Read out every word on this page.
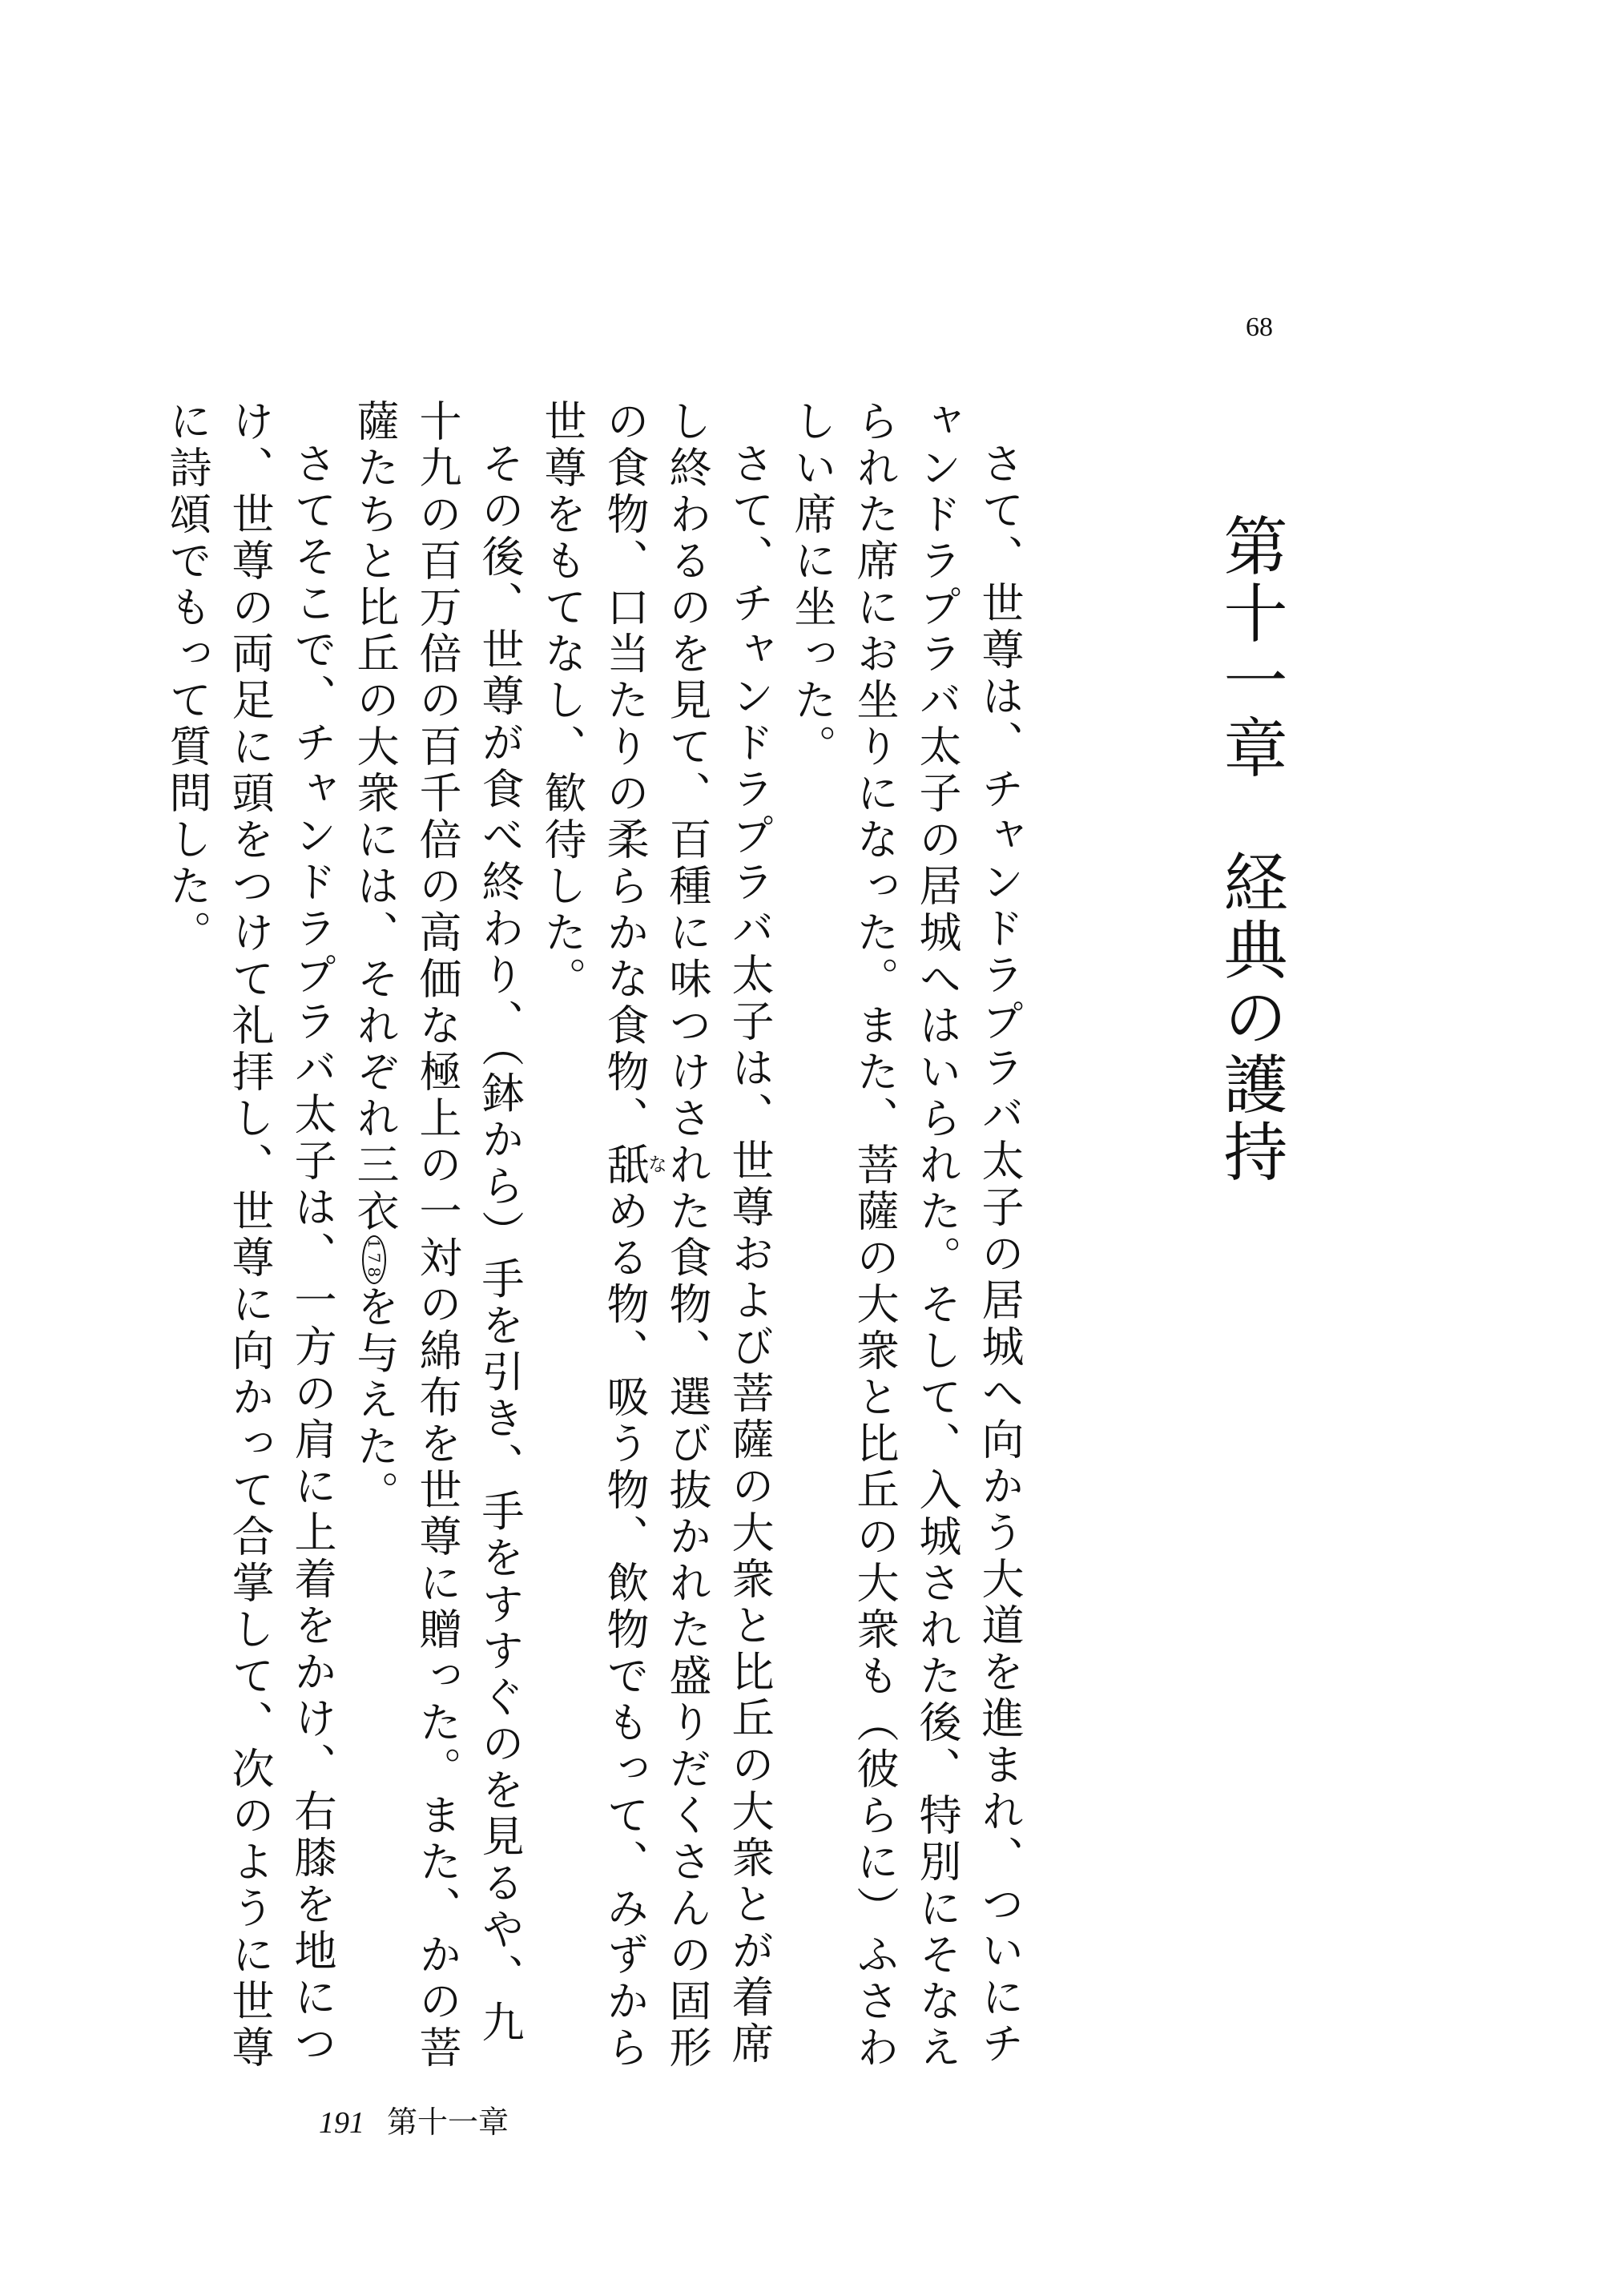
68
第十一章　経典の護持

さて、世尊は、チャンドラプラバ太子の居城へ向かう大道を進まれ、ついにチャンドラプラバ太子の居城へはいられた。そして、入城された後、特別にそなえられた席にお坐りになった。また、菩薩の大衆と比丘の大衆も（彼らに）ふさわしい席に坐った。

さて、チャンドラプラバ太子は、世尊および菩薩の大衆と比丘の大衆とが着席し終わるのを見て、百種に味つけされた食物、選び抜かれた盛りだくさんの固形の食物、口当たりの柔らかな食物、舐なめる物、吸う物、飲物でもって、みずから世尊をもてなし、歓待した。

その後、世尊が食べ終わり、（鉢から）手を引き、手をすすぐのを見るや、九十九の百万倍の百千倍の高価な極上の一対の綿布を世尊に贈った。また、かの菩薩たちと比丘の大衆には、それぞれ三衣178を与えた。

さてそこで、チャンドラプラバ太子は、一方の肩に上着をかけ、右膝を地につけ、世尊の両足に頭をつけて礼拝し、世尊に向かって合掌して、次のように世尊に詩頌でもって質問した。

191 第十一章
